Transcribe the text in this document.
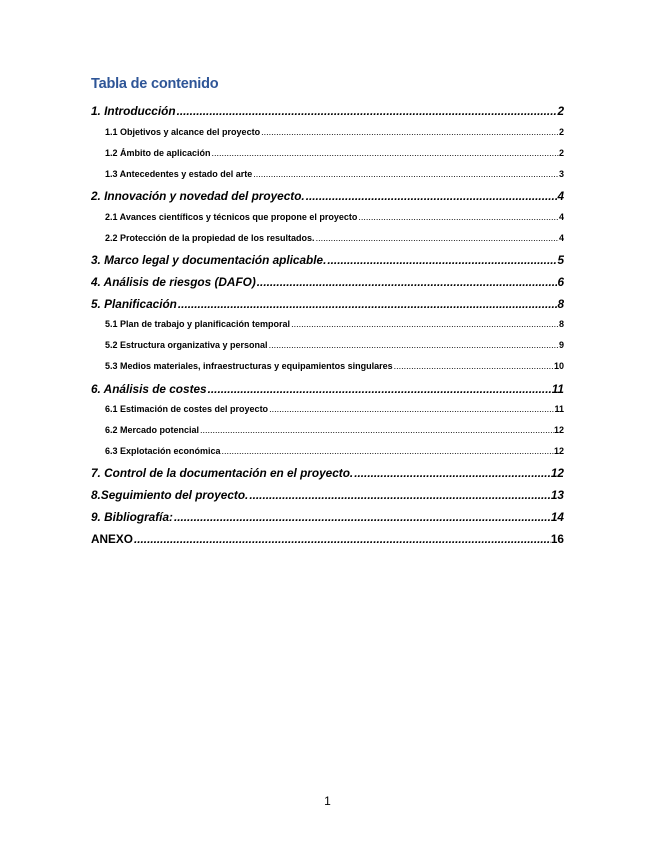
Tabla de contenido
1. Introducción .....	2
1.1 Objetivos y alcance del proyecto .....	2
1.2 Ámbito de aplicación .....	2
1.3 Antecedentes y estado del arte .....	3
2. Innovación y novedad del proyecto. .....	4
2.1 Avances científicos y técnicos que propone el proyecto .....	4
2.2 Protección de la propiedad de los resultados. .....	4
3. Marco legal y documentación aplicable. .....	5
4. Análisis de riesgos (DAFO) .....	6
5. Planificación .....	8
5.1 Plan de trabajo y planificación temporal .....	8
5.2 Estructura organizativa y personal .....	9
5.3 Medios materiales, infraestructuras y equipamientos singulares .....	10
6. Análisis de costes .....	11
6.1 Estimación de costes del proyecto .....	11
6.2 Mercado potencial .....	12
6.3 Explotación económica .....	12
7. Control de la documentación en el proyecto. .....	12
8.Seguimiento del proyecto. .....	13
9. Bibliografía: .....	14
ANEXO .....	16
1
